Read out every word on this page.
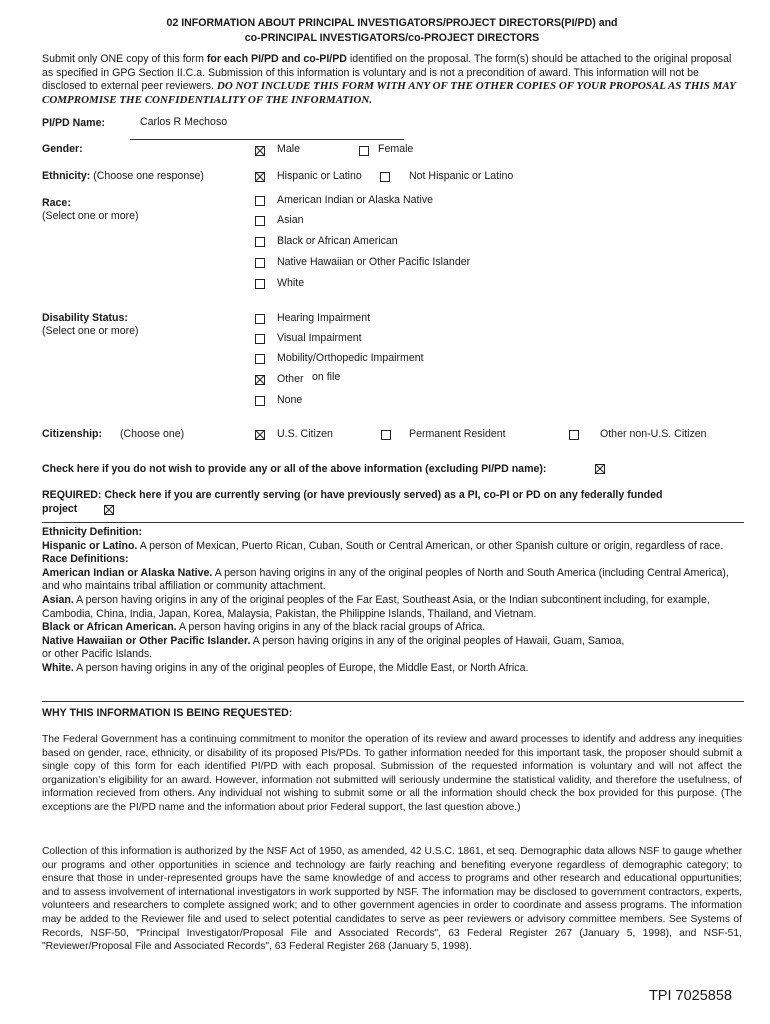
02 INFORMATION ABOUT PRINCIPAL INVESTIGATORS/PROJECT DIRECTORS(PI/PD) and
co-PRINCIPAL INVESTIGATORS/co-PROJECT DIRECTORS
Submit only ONE copy of this form for each PI/PD and co-PI/PD identified on the proposal. The form(s) should be attached to the original proposal as specified in GPG Section II.C.a. Submission of this information is voluntary and is not a precondition of award. This information will not be disclosed to external peer reviewers. DO NOT INCLUDE THIS FORM WITH ANY OF THE OTHER COPIES OF YOUR PROPOSAL AS THIS MAY COMPROMISE THE CONFIDENTIALITY OF THE INFORMATION.
PI/PD Name:	Carlos R Mechoso
Gender:	Male	Female
Ethnicity: (Choose one response)	Hispanic or Latino	Not Hispanic or Latino
Race:
(Select one or more)
American Indian or Alaska Native
Asian
Black or African American
Native Hawaiian or Other Pacific Islander
White
Disability Status:
(Select one or more)
Hearing Impairment
Visual Impairment
Mobility/Orthopedic Impairment
Other on file
None
Citizenship: (Choose one)	U.S. Citizen	Permanent Resident	Other non-U.S. Citizen
Check here if you do not wish to provide any or all of the above information (excluding PI/PD name):
REQUIRED: Check here if you are currently serving (or have previously served) as a PI, co-PI or PD on any federally funded
project

Ethnicity Definition:

Hispanic or Latino. A person of Mexican, Puerto Rican, Cuban, South or Central American, or other Spanish culture or origin, regardless of race.

Race Definitions:

American Indian or Alaska Native. A person having origins in any of the original peoples of North and South America (including Central America), and who maintains tribal affiliation or community attachment.

Asian. A person having origins in any of the original peoples of the Far East, Southeast Asia, or the Indian subcontinent including, for example, Cambodia, China, India, Japan, Korea, Malaysia, Pakistan, the Philippine Islands, Thailand, and Vietnam.

Black or African American. A person having origins in any of the black racial groups of Africa.

Native Hawaiian or Other Pacific Islander. A person having origins in any of the original peoples of Hawaii, Guam, Samoa,
or other Pacific Islands.

White. A person having origins in any of the original peoples of Europe, the Middle East, or North Africa.

WHY THIS INFORMATION IS BEING REQUESTED:
The Federal Government has a continuing commitment to monitor the operation of its review and award processes to identify and address any inequities based on gender, race, ethnicity, or disability of its proposed PIs/PDs. To gather information needed for this important task, the proposer should submit a single copy of this form for each identified PI/PD with each proposal. Submission of the requested information is voluntary and will not affect the organization’s eligibility for an award. However, information not submitted will seriously undermine the statistical validity, and therefore the usefulness, of information recieved from others. Any individual not wishing to submit some or all the information should check the box provided for this purpose. (The exceptions are the PI/PD name and the information about prior Federal support, the last question above.)
Collection of this information is authorized by the NSF Act of 1950, as amended, 42 U.S.C. 1861, et seq. Demographic data allows NSF to gauge whether our programs and other opportunities in science and technology are fairly reaching and benefiting everyone regardless of demographic category; to ensure that those in under-represented groups have the same knowledge of and access to programs and other research and educational oppurtunities; and to assess involvement of international investigators in work supported by NSF. The information may be disclosed to government contractors, experts, volunteers and researchers to complete assigned work; and to other government agencies in order to coordinate and assess programs. The information may be added to the Reviewer file and used to select potential candidates to serve as peer reviewers or advisory committee members. See Systems of Records, NSF-50, "Principal Investigator/Proposal File and Associated Records", 63 Federal Register 267 (January 5, 1998), and NSF-51, "Reviewer/Proposal File and Associated Records", 63 Federal Register 268 (January 5, 1998).
TPI 7025858
